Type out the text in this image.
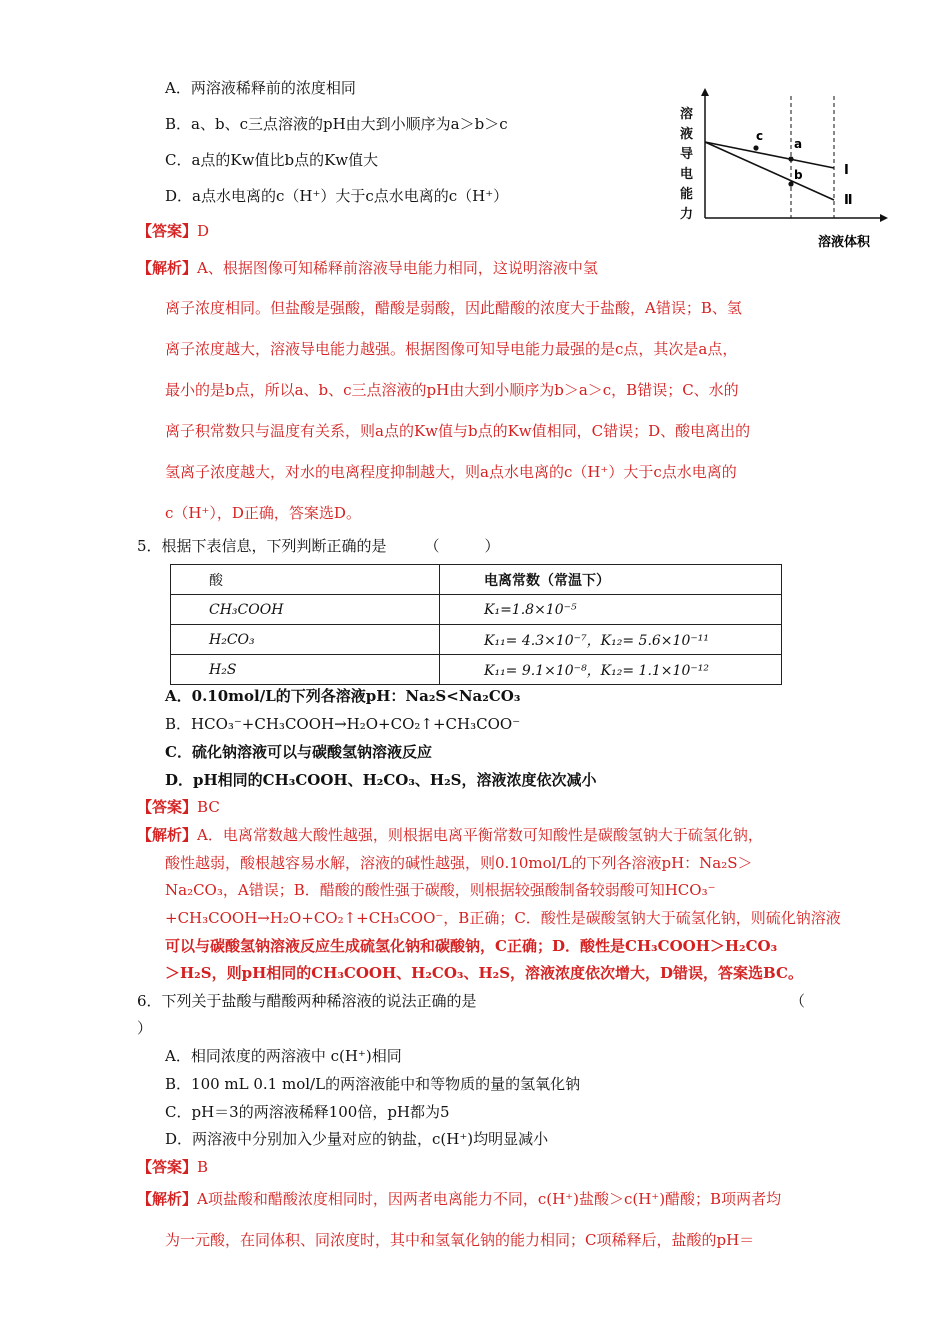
A．两溶液稀释前的浓度相同
B．a、b、c三点溶液的pH由大到小顺序为a＞b＞c
C．a点的Kw值比b点的Kw值大
D．a点水电离的c（H⁺）大于c点水电离的c（H⁺）
溶
液
导
电
能
力
c
a
b	Ⅰ
Ⅱ
溶液体积
【答案】D
【解析】A、根据图像可知稀释前溶液导电能力相同，这说明溶液中氢
离子浓度相同。但盐酸是强酸，醋酸是弱酸，因此醋酸的浓度大于盐酸，A错误；B、氢
离子浓度越大，溶液导电能力越强。根据图像可知导电能力最强的是c点，其次是a点，
最小的是b点，所以a、b、c三点溶液的pH由大到小顺序为b＞a＞c，B错误；C、水的
离子积常数只与温度有关系，则a点的Kw值与b点的Kw值相同，C错误；D、酸电离出的
氢离子浓度越大，对水的电离程度抑制越大，则a点水电离的c（H⁺）大于c点水电离的
c（H⁺），D正确，答案选D。
5．根据下表信息，下列判断正确的是	（　　　）
酸	电离常数（常温下）
CH₃COOH	K₁=1.8×10⁻⁵
H₂CO₃	K₁₁= 4.3×10⁻⁷，K₁₂= 5.6×10⁻¹¹
H₂S	K₁₁= 9.1×10⁻⁸，K₁₂= 1.1×10⁻¹²
A．0.10mol/L的下列各溶液pH：Na₂S<Na₂CO₃
B．HCO₃⁻+CH₃COOH→H₂O+CO₂↑+CH₃COO⁻
C．硫化钠溶液可以与碳酸氢钠溶液反应
D．pH相同的CH₃COOH、H₂CO₃、H₂S，溶液浓度依次减小
【答案】BC
【解析】A．电离常数越大酸性越强，则根据电离平衡常数可知酸性是碳酸氢钠大于硫氢化钠，
酸性越弱，酸根越容易水解，溶液的碱性越强，则0.10mol/L的下列各溶液pH：Na₂S＞
Na₂CO₃，A错误；B．醋酸的酸性强于碳酸，则根据较强酸制备较弱酸可知HCO₃⁻
+CH₃COOH→H₂O+CO₂↑+CH₃COO⁻，B正确；C．酸性是碳酸氢钠大于硫氢化钠，则硫化钠溶液
可以与碳酸氢钠溶液反应生成硫氢化钠和碳酸钠，C正确；D．酸性是CH₃COOH＞H₂CO₃
＞H₂S，则pH相同的CH₃COOH、H₂CO₃、H₂S，溶液浓度依次增大，D错误，答案选BC。
6．下列关于盐酸与醋酸两种稀溶液的说法正确的是	（
）
A．相同浓度的两溶液中 c(H⁺)相同
B．100 mL 0.1 mol/L的两溶液能中和等物质的量的氢氧化钠
C．pH＝3的两溶液稀释100倍，pH都为5
D．两溶液中分别加入少量对应的钠盐，c(H⁺)均明显减小
【答案】B
【解析】A项盐酸和醋酸浓度相同时，因两者电离能力不同，c(H⁺)盐酸＞c(H⁺)醋酸；B项两者均
为一元酸，在同体积、同浓度时，其中和氢氧化钠的能力相同；C项稀释后，盐酸的pH＝
